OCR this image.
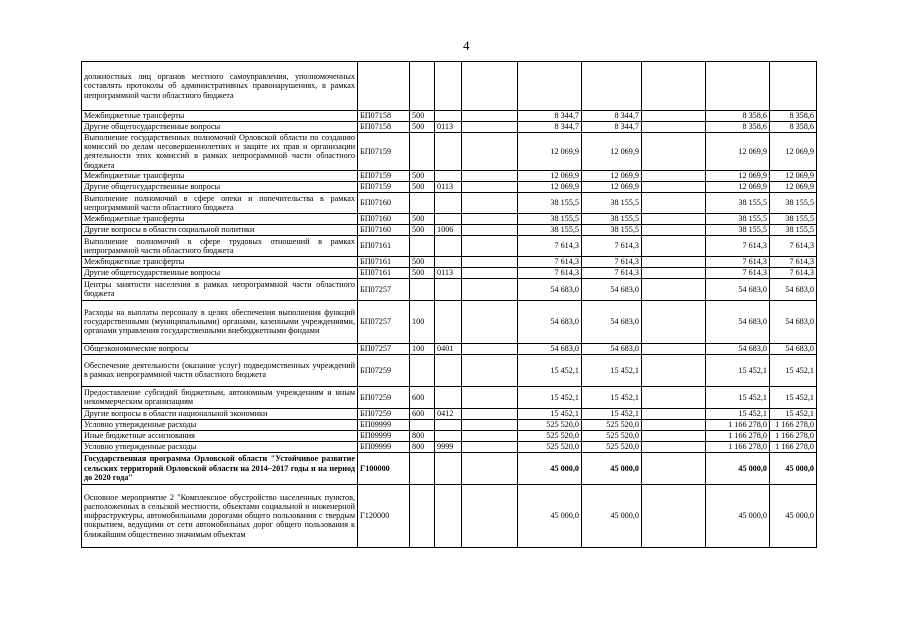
4
должностных лиц органов местного самоуправления, уполномоченных составлять протоколы об административных правонарушениях, в рамках непрограммной части областного бюджета									
Межбюджетные трансферты	БП07158	500			8 344,7	8 344,7		8 358,6	8 358,6
Другие общегосударственные вопросы	БП07158	500	0113		8 344,7	8 344,7		8 358,6	8 358,6
Выполнение государственных полномочий Орловской области по созданию комиссий по делам несовершеннолетних и защите их прав и организации деятельности этих комиссий в рамках непрограммной части областного бюджета	БП07159				12 069,9	12 069,9		12 069,9	12 069,9
Межбюджетные трансферты	БП07159	500			12 069,9	12 069,9		12 069,9	12 069,9
Другие общегосударственные вопросы	БП07159	500	0113		12 069,9	12 069,9		12 069,9	12 069,9
Выполнение полномочий в сфере опеки и попечительства в рамках непрограммной части областного бюджета	БП07160				38 155,5	38 155,5		38 155,5	38 155,5
Межбюджетные трансферты	БП07160	500			38 155,5	38 155,5		38 155,5	38 155,5
Другие вопросы в области социальной политики	БП07160	500	1006		38 155,5	38 155,5		38 155,5	38 155,5
Выполнение полномочий в сфере трудовых отношений в рамках непрограммной части областного бюджета	БП07161				7 614,3	7 614,3		7 614,3	7 614,3
Межбюджетные трансферты	БП07161	500			7 614,3	7 614,3		7 614,3	7 614,3
Другие общегосударственные вопросы	БП07161	500	0113		7 614,3	7 614,3		7 614,3	7 614,3
Центры занятости населения в рамках непрограммной части областного бюджета	БП07257				54 683,0	54 683,0		54 683,0	54 683,0
Расходы на выплаты персоналу в целях обеспечения выполнения функций государственными (муниципальными) органами, казенными учреждениями, органами управления государственными внебюджетными фондами	БП07257	100			54 683,0	54 683,0		54 683,0	54 683,0
Общеэкономические вопросы	БП07257	100	0401		54 683,0	54 683,0		54 683,0	54 683,0
Обеспечение деятельности (оказание услуг) подведомственных учреждений в рамках непрограммной части областного бюджета	БП07259				15 452,1	15 452,1		15 452,1	15 452,1
Предоставление субсидий бюджетным, автономным учреждениям и иным некоммерческим организациям	БП07259	600			15 452,1	15 452,1		15 452,1	15 452,1
Другие вопросы в области национальной экономики	БП07259	600	0412		15 452,1	15 452,1		15 452,1	15 452,1
Условно утвержденные расходы	БП09999				525 520,0	525 520,0		1 166 278,0	1 166 278,0
Иные бюджетные ассигнования	БП09999	800			525 520,0	525 520,0		1 166 278,0	1 166 278,0
Условно утвержденные расходы	БП09999	800	9999		525 520,0	525 520,0		1 166 278,0	1 166 278,0
Государственная программа Орловской области "Устойчивое развитие сельских территорий Орловской области на 2014–2017 годы и на период до 2020 года"	Г100000				45 000,0	45 000,0		45 000,0	45 000,0
Основное мероприятие 2 "Комплексное обустройство населенных пунктов, расположенных в сельской местности, объектами социальной и инженерной инфраструктуры, автомобильными дорогами общего пользования с твердым покрытием, ведущими от сети автомобильных дорог общего пользования к ближайшим общественно значимым объектам	Г120000				45 000,0	45 000,0		45 000,0	45 000,0
